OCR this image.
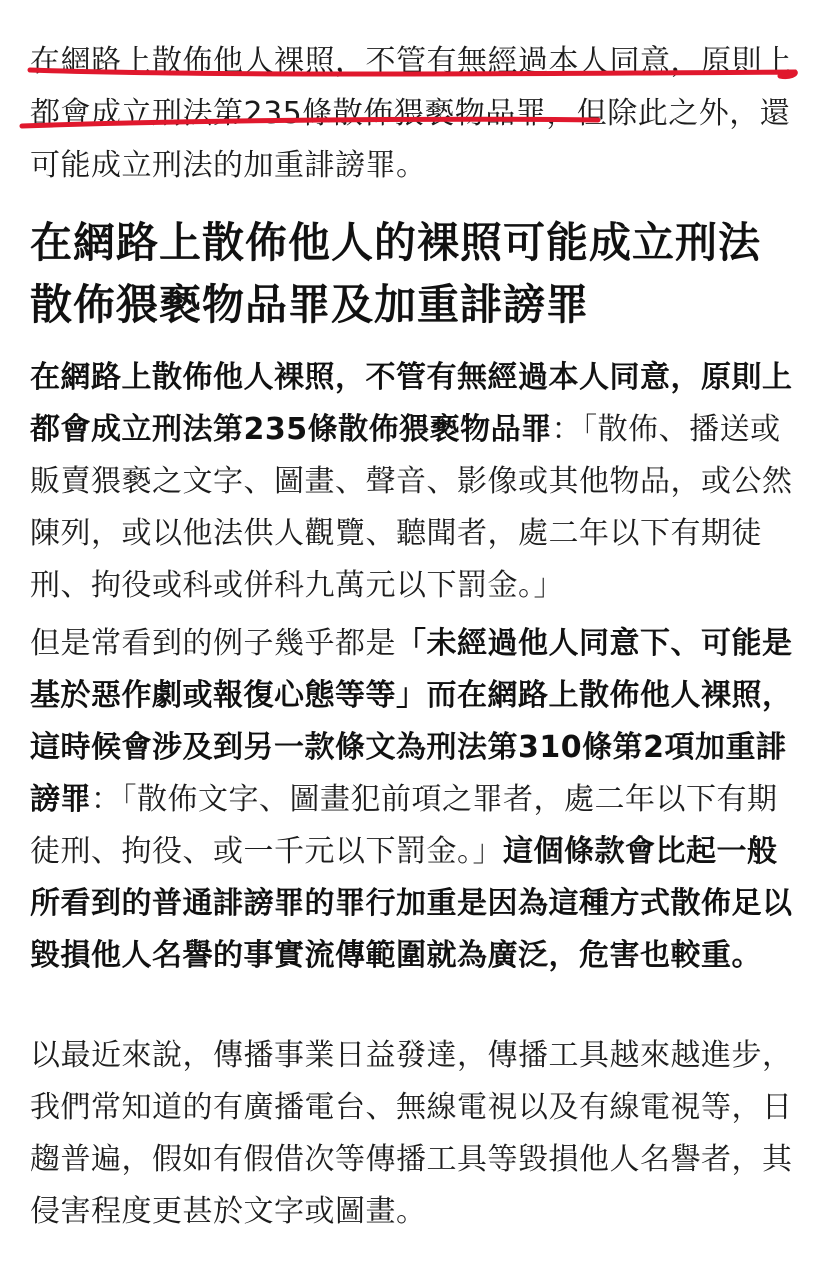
在網路上散佈他人裸照，不管有無經過本人同意，原則上都會成立刑法第235條散佈猥褻物品罪，但除此之外，還可能成立刑法的加重誹謗罪。

在網路上散佈他人的裸照可能成立刑法散佈猥褻物品罪及加重誹謗罪

在網路上散佈他人裸照，不管有無經過本人同意，原則上都會成立刑法第235條散佈猥褻物品罪：「散佈、播送或販賣猥褻之文字、圖畫、聲音、影像或其他物品，或公然陳列，或以他法供人觀覽、聽聞者，處二年以下有期徒刑、拘役或科或併科九萬元以下罰金。」

但是常看到的例子幾乎都是「未經過他人同意下、可能是基於惡作劇或報復心態等等」而在網路上散佈他人裸照，這時候會涉及到另一款條文為刑法第310條第2項加重誹謗罪：「散佈文字、圖畫犯前項之罪者，處二年以下有期徒刑、拘役、或一千元以下罰金。」這個條款會比起一般所看到的普通誹謗罪的罪行加重是因為這種方式散佈足以毀損他人名譽的事實流傳範圍就為廣泛，危害也較重。

以最近來說，傳播事業日益發達，傳播工具越來越進步，我們常知道的有廣播電台、無線電視以及有線電視等，日趨普遍，假如有假借次等傳播工具等毀損他人名譽者，其侵害程度更甚於文字或圖畫。
